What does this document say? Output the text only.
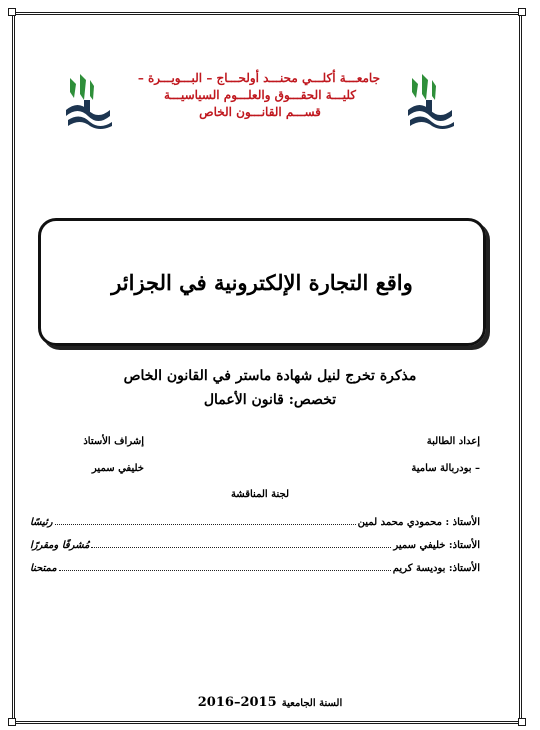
جامعـــة أكلـــي محنـــد أولحـــاج – البـــويـــرة –
كليـــة الحقـــوق والعلـــوم السياسيـــة
قســـم القانـــون الخاص
واقع التجارة الإلكترونية في الجزائر
مذكرة تخرج لنيل شهادة ماستر في القانون الخاص
تخصص: قانون الأعمال
إعداد الطالبة
– بودربالة سامية
إشراف الأستاذ
خليفي سمير
لجنة المناقشة
الأستاذ : محمودي محمد لمين
رئيسًا
الأستاذ: خليفي سمير
مُشرفًا ومقررًا
الأستاذ: بوديسة كريم
ممتحنا
السنة الجامعية 2015–2016
